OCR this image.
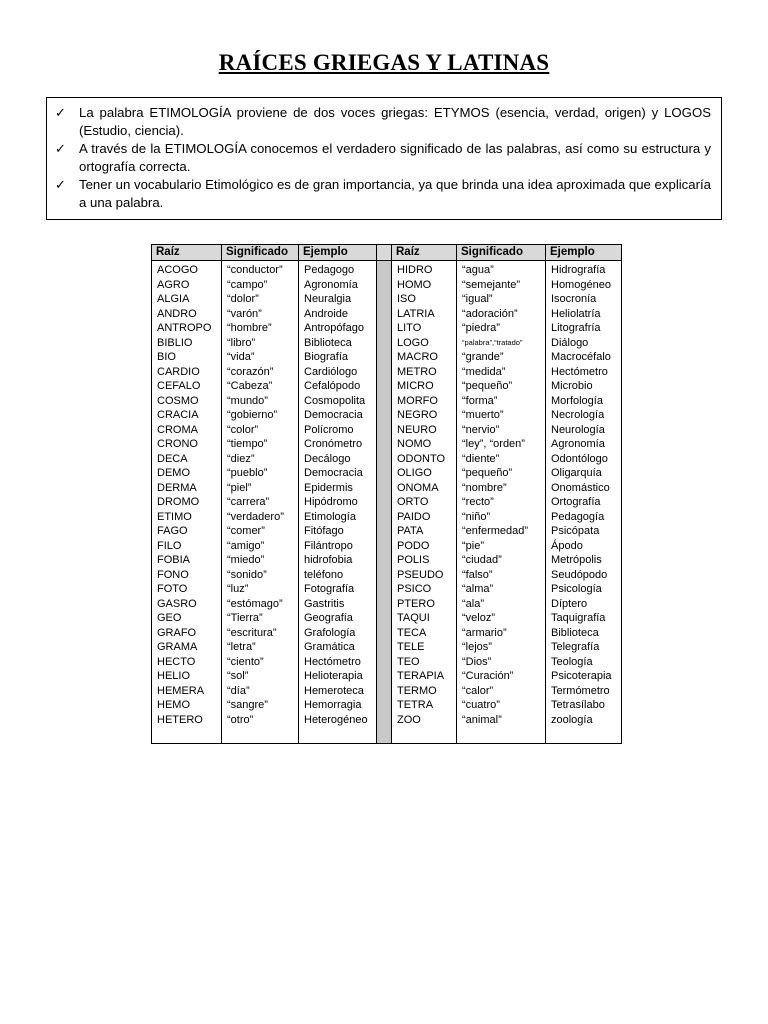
RAÍCES GRIEGAS Y LATINAS
✓ La palabra ETIMOLOGÍA proviene de dos voces griegas: ETYMOS (esencia, verdad, origen) y LOGOS (Estudio, ciencia).
✓ A través de la ETIMOLOGÍA conocemos el verdadero significado de las palabras, así como su estructura y ortografía correcta.
✓ Tener un vocabulario Etimológico es de gran importancia, ya que brinda una idea aproximada que explicaría a una palabra.
Raíz
ACOGO
AGRO
ALGIA
ANDRO
ANTROPO
BIBLIO
BIO
CARDIO
CEFALO
COSMO
CRACIA
CROMA
CRONO
DECA
DEMO
DERMA
DROMO
ETIMO
FAGO
FILO
FOBIA
FONO
FOTO
GASRO
GEO
GRAFO
GRAMA
HECTO
HELIO
HEMERA
HEMO
HETERO
Significado
“conductor”
“campo”
“dolor”
“varón”
“hombre”
“libro”
“vida”
“corazón”
“Cabeza”
“mundo”
“gobierno”
“color”
“tiempo”
“diez”
“pueblo”
“piel”
“carrera”
“verdadero”
“comer”
“amigo”
“miedo”
“sonido”
“luz”
“estómago”
“Tierra”
“escritura”
“letra”
“ciento”
“sol”
“día”
“sangre”
“otro”
Ejemplo
Pedagogo
Agronomía
Neuralgia
Androide
Antropófago
Biblioteca
Biografía
Cardiólogo
Cefalópodo
Cosmopolita
Democracia
Polícromo
Cronómetro
Decálogo
Democracia
Epidermis
Hipódromo
Etimología
Fitófago
Filántropo
hidrofobia
teléfono
Fotografía
Gastritis
Geografía
Grafología
Gramática
Hectómetro
Helioterapia
Hemeroteca
Hemorragia
Heterogéneo
Raíz
HIDRO
HOMO
ISO
LATRIA
LITO
LOGO
MACRO
METRO
MICRO
MORFO
NEGRO
NEURO
NOMO
ODONTO
OLIGO
ONOMA
ORTO
PAIDO
PATA
PODO
POLIS
PSEUDO
PSICO
PTERO
TAQUI
TECA
TELE
TEO
TERAPIA
TERMO
TETRA
ZOO
Significado
“agua”
“semejante”
“igual”
“adoración”
“piedra”
“palabra”,“tratado”
“grande”
“medida”
“pequeño”
“forma”
“muerto”
“nervio”
“ley”, “orden”
“diente”
“pequeño”
“nombre”
“recto”
“niño”
“enfermedad”
“pie”
“ciudad”
“falso”
“alma”
“ala”
“veloz”
“armario”
“lejos”
“Dios”
“Curación”
“calor”
“cuatro”
“animal”
Ejemplo
Hidrografía
Homogéneo
Isocronía
Heliolatría
Litografría
Diálogo
Macrocéfalo
Hectómetro
Microbio
Morfología
Necrología
Neurología
Agronomía
Odontólogo
Oligarquía
Onomástico
Ortografía
Pedagogía
Psicópata
Ápodo
Metrópolis
Seudópodo
Psicología
Díptero
Taquigrafía
Biblioteca
Telegrafía
Teología
Psicoterapia
Termómetro
Tetrasílabo
zoología
